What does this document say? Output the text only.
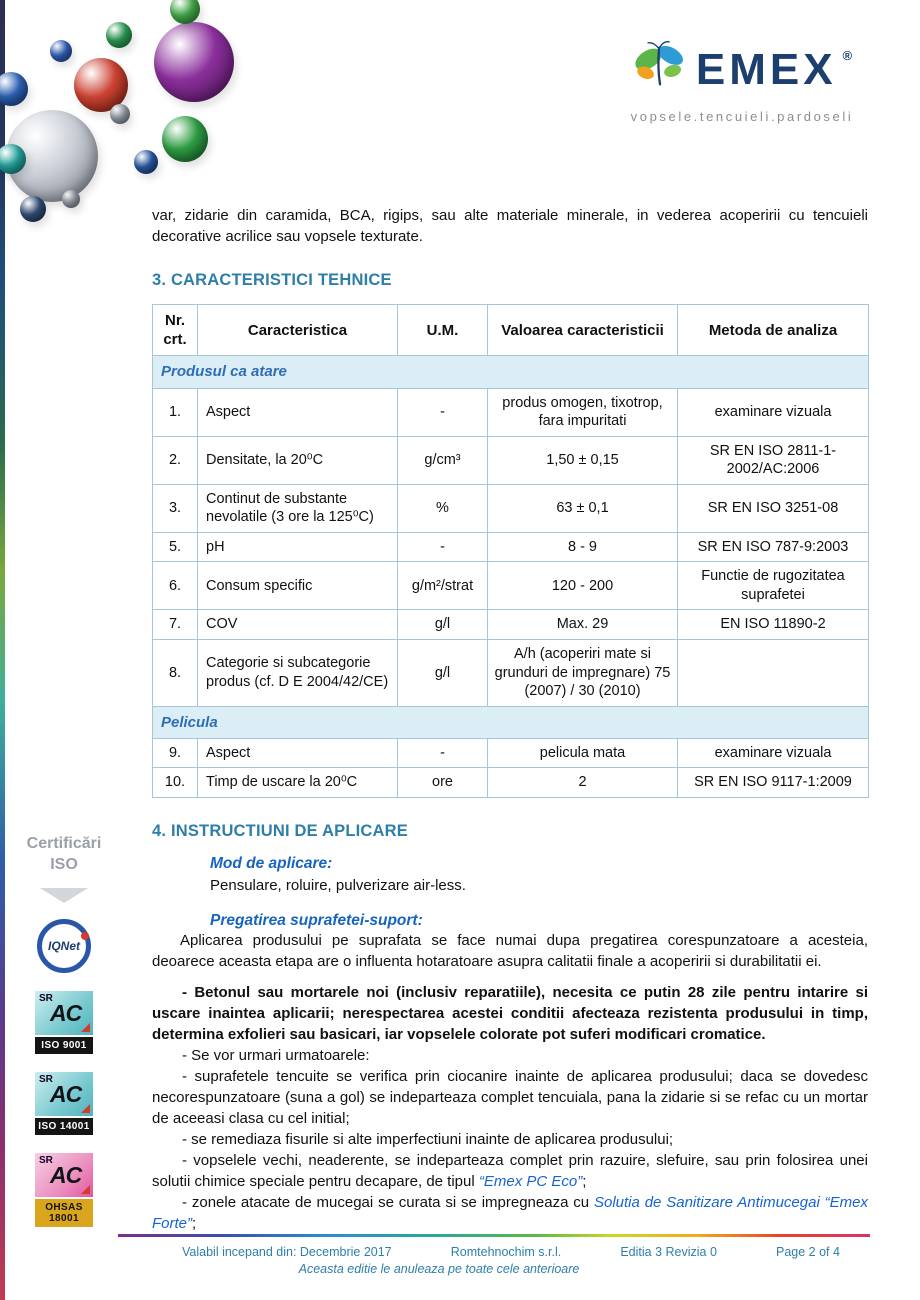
EMEX ®
vopsele.tencuieli.pardoseli
Certificări
ISO
IQNet
SR
AC
ISO 9001
SR
AC
ISO 14001
SR
AC
OHSAS 18001

var, zidarie din caramida, BCA, rigips, sau alte materiale minerale, in vederea acoperirii cu tencuieli decorative acrilice sau vopsele texturate.

3. CARACTERISTICI TEHNICE
Nr. crt.	Caracteristica	U.M.	Valoarea caracteristicii	Metoda de analiza
Produsul ca atare				
1.	Aspect	-	produs omogen, tixotrop, fara impuritati	examinare vizuala
2.	Densitate, la 20⁰C	g/cm³	1,50 ± 0,15	SR EN ISO 2811-1-2002/AC:2006
3.	Continut de substante nevolatile (3 ore la 125⁰C)	%	63 ± 0,1	SR EN ISO 3251-08
5.	pH	-	8 - 9	SR EN ISO 787-9:2003
6.	Consum specific	g/m²/strat	120 - 200	Functie de rugozitatea suprafetei
7.	COV	g/l	Max. 29	EN ISO 11890-2
8.	Categorie si subcategorie produs (cf. D E 2004/42/CE)	g/l	A/h (acoperiri mate si grunduri de impregnare) 75 (2007) / 30 (2010)	
Pelicula				
9.	Aspect	-	pelicula mata	examinare vizuala
10.	Timp de uscare la 20⁰C	ore	2	SR EN ISO 9117-1:2009
4. INSTRUCTIUNI DE APLICARE

Mod de aplicare:

Pensulare, roluire, pulverizare air-less.

Pregatirea suprafetei-suport:

Aplicarea produsului pe suprafata se face numai dupa pregatirea corespunzatoare a acesteia, deoarece aceasta etapa are o influenta hotaratoare asupra calitatii finale a acoperirii si durabilitatii ei.

- Betonul sau mortarele noi (inclusiv reparatiile), necesita ce putin 28 zile pentru intarire si uscare inaintea aplicarii; nerespectarea acestei conditii afecteaza rezistenta produsului in timp, determina exfolieri sau basicari, iar vopselele colorate pot suferi modificari cromatice.

- Se vor urmari urmatoarele:

- suprafetele tencuite se verifica prin ciocanire inainte de aplicarea produsului; daca se dovedesc necorespunzatoare (suna a gol) se indeparteaza complet tencuiala, pana la zidarie si se refac cu un mortar de aceeasi clasa cu cel initial;

- se remediaza fisurile si alte imperfectiuni inainte de aplicarea produsului;

- vopselele vechi, neaderente, se indeparteaza complet prin razuire, slefuire, sau prin folosirea unei solutii chimice speciale pentru decapare, de tipul “Emex PC Eco”;

- zonele atacate de mucegai se curata si se impregneaza cu Solutia de Sanitizare Antimucegai “Emex Forte”;

Valabil incepand din: Decembrie 2017	Romtehnochim s.r.l.	Editia 3 Revizia 0	Page 2 of 4
Aceasta editie le anuleaza pe toate cele anterioare
